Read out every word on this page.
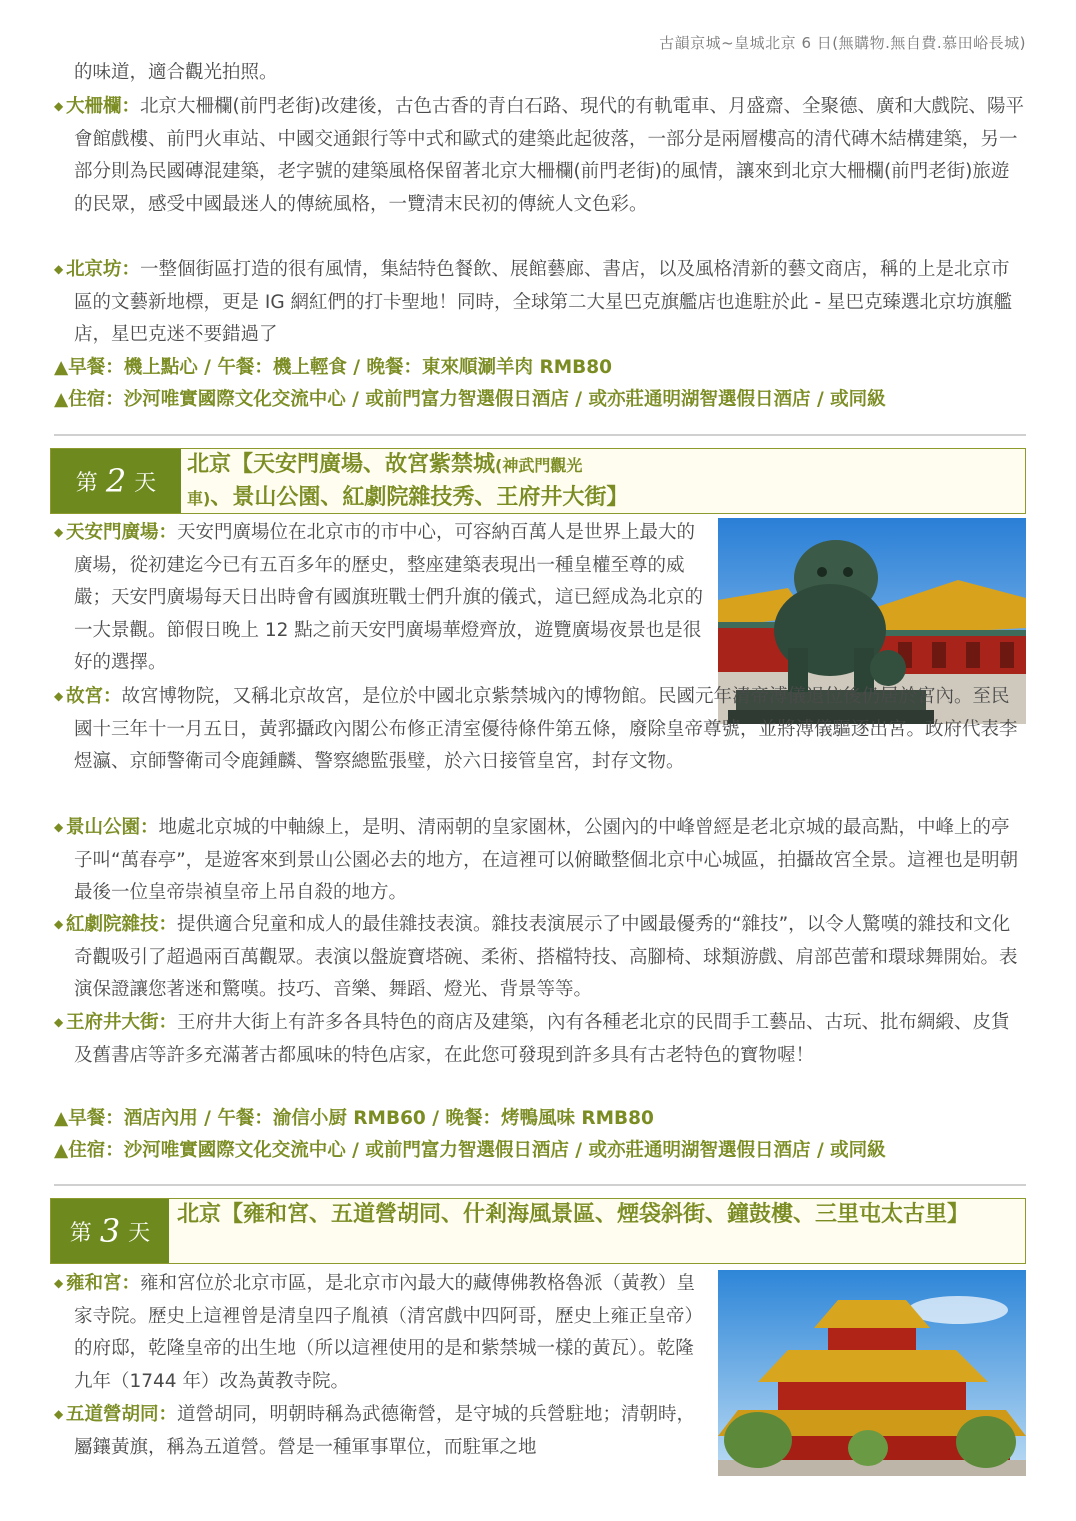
古韻京城~皇城北京 6 日(無購物.無自費.慕田峪長城)
的味道，適合觀光拍照。
◆ 大柵欄：北京大柵欄(前門老街)改建後，古色古香的青白石路、現代的有軌電車、月盛齋、全聚德、廣和大戲院、陽平會館戲樓、前門火車站、中國交通銀行等中式和歐式的建築此起彼落，一部分是兩層樓高的清代磚木結構建築，另一部分則為民國磚混建築，老字號的建築風格保留著北京大柵欄(前門老街)的風情，讓來到北京大柵欄(前門老街)旅遊的民眾，感受中國最迷人的傳統風格，一覽清末民初的傳統人文色彩。
◆ 北京坊：一整個街區打造的很有風情，集結特色餐飲、展館藝廊、書店，以及風格清新的藝文商店，稱的上是北京市區的文藝新地標，更是 IG 網紅們的打卡聖地！同時，全球第二大星巴克旗艦店也進駐於此 - 星巴克臻選北京坊旗艦店，星巴克迷不要錯過了
▲早餐：機上點心 / 午餐：機上輕食 / 晚餐：東來順涮羊肉 RMB80
▲住宿：沙河唯實國際文化交流中心 / 或前門富力智選假日酒店 / 或亦莊通明湖智選假日酒店 / 或同級
第 2 天
北京【天安門廣場、故宮紫禁城(神武門觀光車)、景山公園、紅劇院雜技秀、王府井大街】
◆ 天安門廣場：天安門廣場位在北京市的市中心，可容納百萬人是世界上最大的廣場，從初建迄今已有五百多年的歷史，整座建築表現出一種皇權至尊的威嚴；天安門廣場每天日出時會有國旗班戰士們升旗的儀式，這已經成為北京的一大景觀。節假日晚上 12 點之前天安門廣場華燈齊放，遊覽廣場夜景也是很好的選擇。
◆ 故宮：故宮博物院，又稱北京故宮，是位於中國北京紫禁城內的博物館。民國元年清帝溥儀退位後仍居於宮內。至民國十三年十一月五日，黃郛攝政內閣公布修正清室優待條件第五條，廢除皇帝尊號，並將溥儀驅逐出宮。政府代表李煜瀛、京師警衛司令鹿鍾麟、警察總監張璧，於六日接管皇宮，封存文物。
◆ 景山公園：地處北京城的中軸線上，是明、清兩朝的皇家園林，公園內的中峰曾經是老北京城的最高點，中峰上的亭子叫“萬春亭”，是遊客來到景山公園必去的地方，在這裡可以俯瞰整個北京中心城區，拍攝故宮全景。這裡也是明朝最後一位皇帝崇禎皇帝上吊自殺的地方。
◆ 紅劇院雜技：提供適合兒童和成人的最佳雜技表演。雜技表演展示了中國最優秀的“雜技”，以令人驚嘆的雜技和文化奇觀吸引了超過兩百萬觀眾。表演以盤旋寶塔碗、柔術、搭檔特技、高腳椅、球類游戲、肩部芭蕾和環球舞開始。表演保證讓您著迷和驚嘆。技巧、音樂、舞蹈、燈光、背景等等。
◆ 王府井大街：王府井大街上有許多各具特色的商店及建築，內有各種老北京的民間手工藝品、古玩、批布綢緞、皮貨及舊書店等許多充滿著古都風味的特色店家，在此您可發現到許多具有古老特色的寶物喔！
▲早餐：酒店內用 / 午餐：渝信小厨 RMB60 / 晚餐：烤鴨風味 RMB80
▲住宿：沙河唯實國際文化交流中心 / 或前門富力智選假日酒店 / 或亦莊通明湖智選假日酒店 / 或同級
第 3 天
北京【雍和宮、五道營胡同、什剎海風景區、煙袋斜街、鐘鼓樓、三里屯太古里】
◆ 雍和宮：雍和宮位於北京市區，是北京市內最大的藏傳佛教格魯派（黃教）皇家寺院。歷史上這裡曾是清皇四子胤禛（清宮戲中四阿哥，歷史上雍正皇帝）的府邸，乾隆皇帝的出生地（所以這裡使用的是和紫禁城一樣的黃瓦）。乾隆九年（1744 年）改為黃教寺院。
◆ 五道營胡同：道營胡同，明朝時稱為武德衛營，是守城的兵營駐地；清朝時，屬鑲黃旗，稱為五道營。營是一種軍事單位，而駐軍之地
